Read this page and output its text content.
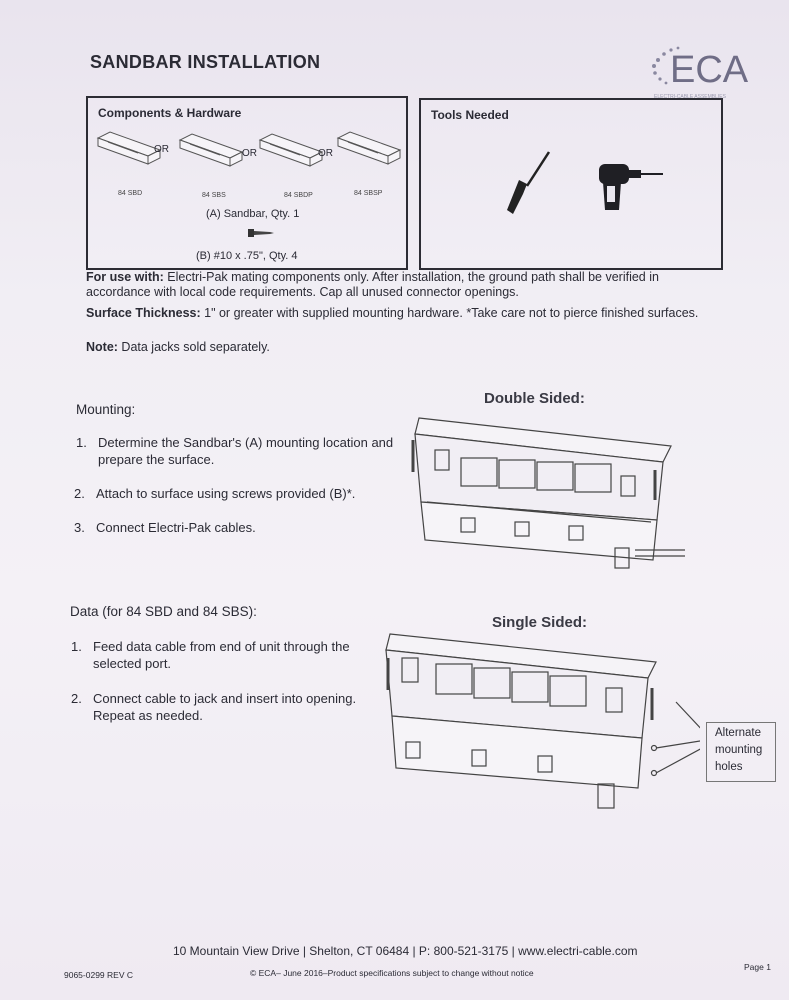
SANDBAR INSTALLATION	ECA
ELECTRI-CABLE ASSEMBLIES
Components & Hardware
OR	OR	OR
84 SBD	84 SBS	84 SBDP	84 SBSP
(A) Sandbar, Qty. 1
(B) #10 x .75", Qty. 4
Tools Needed
For use with: Electri-Pak mating components only. After installation, the ground path shall be verified in accordance with local code requirements. Cap all unused connector openings.
Surface Thickness: 1" or greater with supplied mounting hardware. *Take care not to pierce finished surfaces.
Note: Data jacks sold separately.
Mounting:
1. Determine the Sandbar's (A) mounting location and prepare the surface.
2. Attach to surface using screws provided (B)*.
3. Connect Electri-Pak cables.
Data (for 84 SBD and 84 SBS):
1. Feed data cable from end of unit through the selected port.
2. Connect cable to jack and insert into opening. Repeat as needed.
Double Sided:
Single Sided:
Alternate
mounting
holes
10 Mountain View Drive | Shelton, CT 06484 | P: 800-521-3175 | www.electri-cable.com
9065-0299 REV C	© ECA– June 2016–Product specifications subject to change without notice
Page 1
